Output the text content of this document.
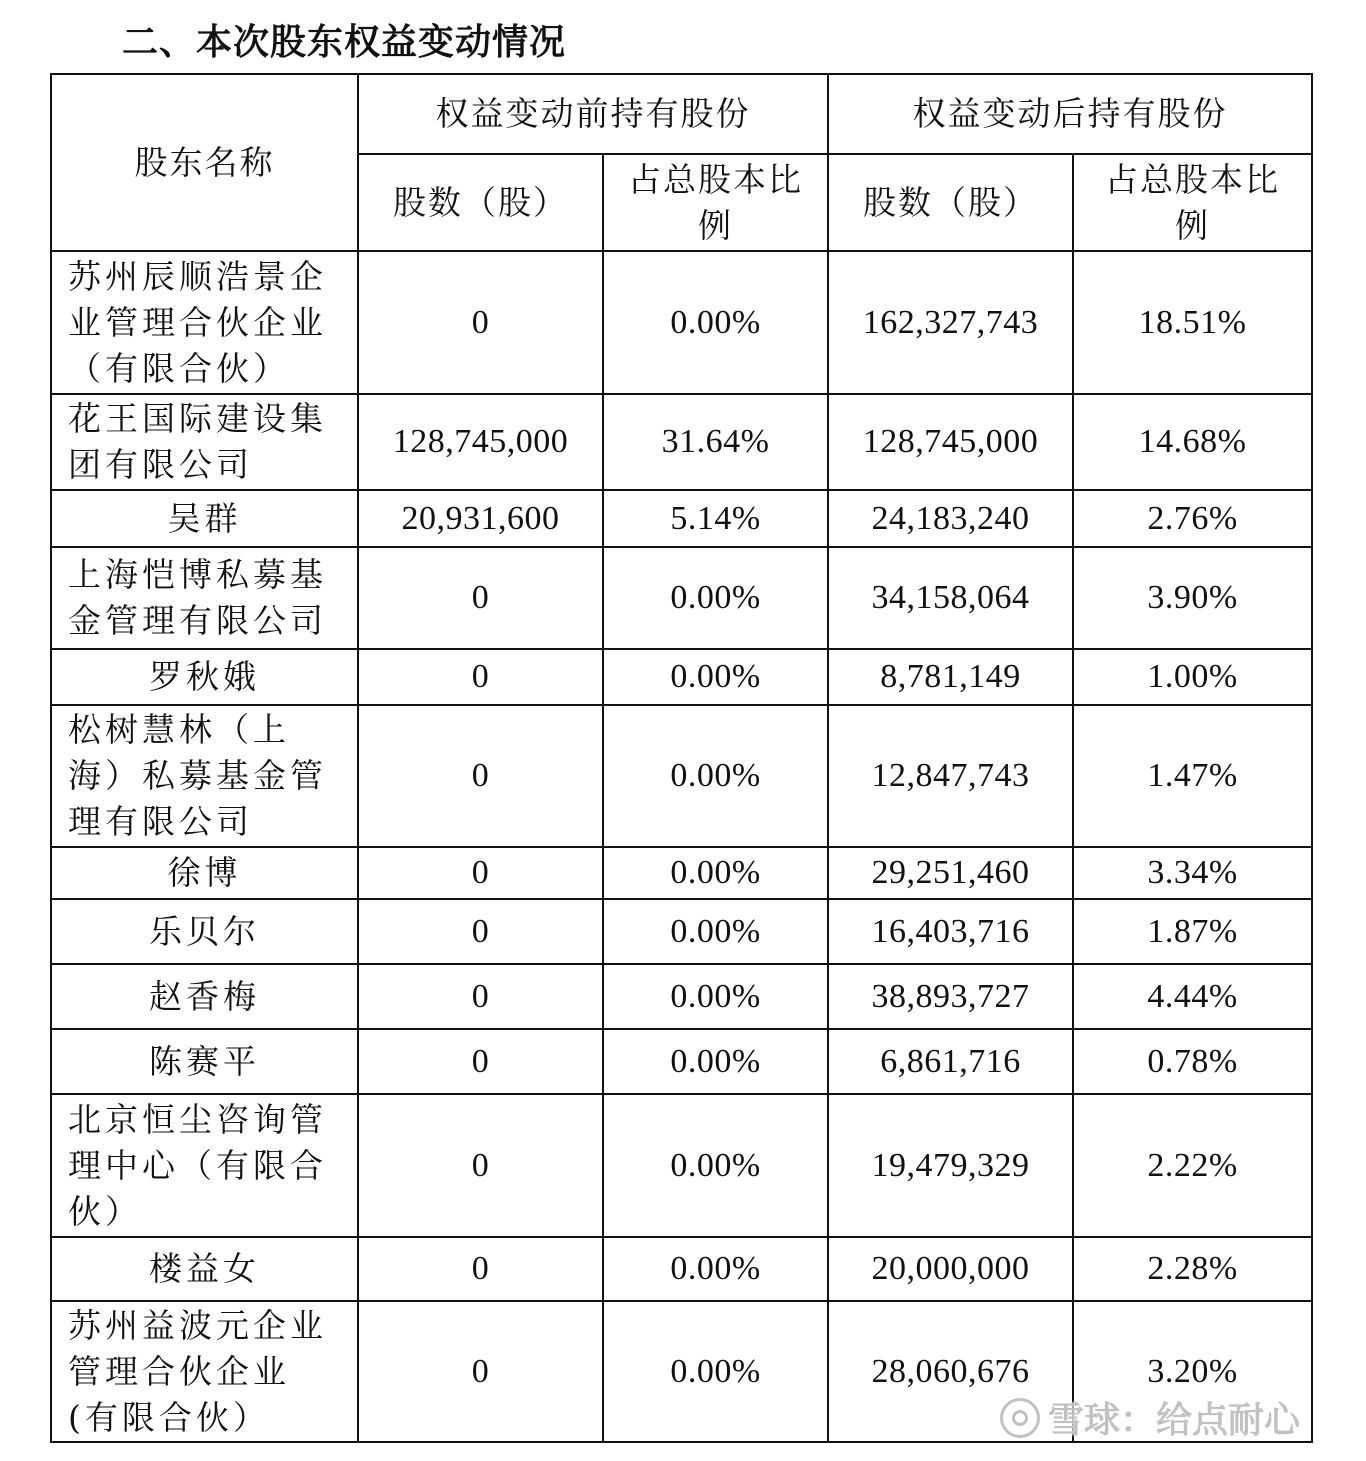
二、本次股东权益变动情况
股东名称	权益变动前持有股份		权益变动后持有股份	
	股数（股）	占总股本比例	股数（股）	占总股本比例
苏州辰顺浩景企业管理合伙企业（有限合伙）	0	0.00%	162,327,743	18.51%
花王国际建设集团有限公司	128,745,000	31.64%	128,745,000	14.68%
吴群	20,931,600	5.14%	24,183,240	2.76%
上海恺博私募基金管理有限公司	0	0.00%	34,158,064	3.90%
罗秋娥	0	0.00%	8,781,149	1.00%
松树慧林（上海）私募基金管理有限公司	0	0.00%	12,847,743	1.47%
徐博	0	0.00%	29,251,460	3.34%
乐贝尔	0	0.00%	16,403,716	1.87%
赵香梅	0	0.00%	38,893,727	4.44%
陈赛平	0	0.00%	6,861,716	0.78%
北京恒尘咨询管理中心（有限合伙）	0	0.00%	19,479,329	2.22%
楼益女	0	0.00%	20,000,000	2.28%
苏州益波元企业管理合伙企业(有限合伙）	0	0.00%	28,060,676	3.20%
雪球：给点耐心
